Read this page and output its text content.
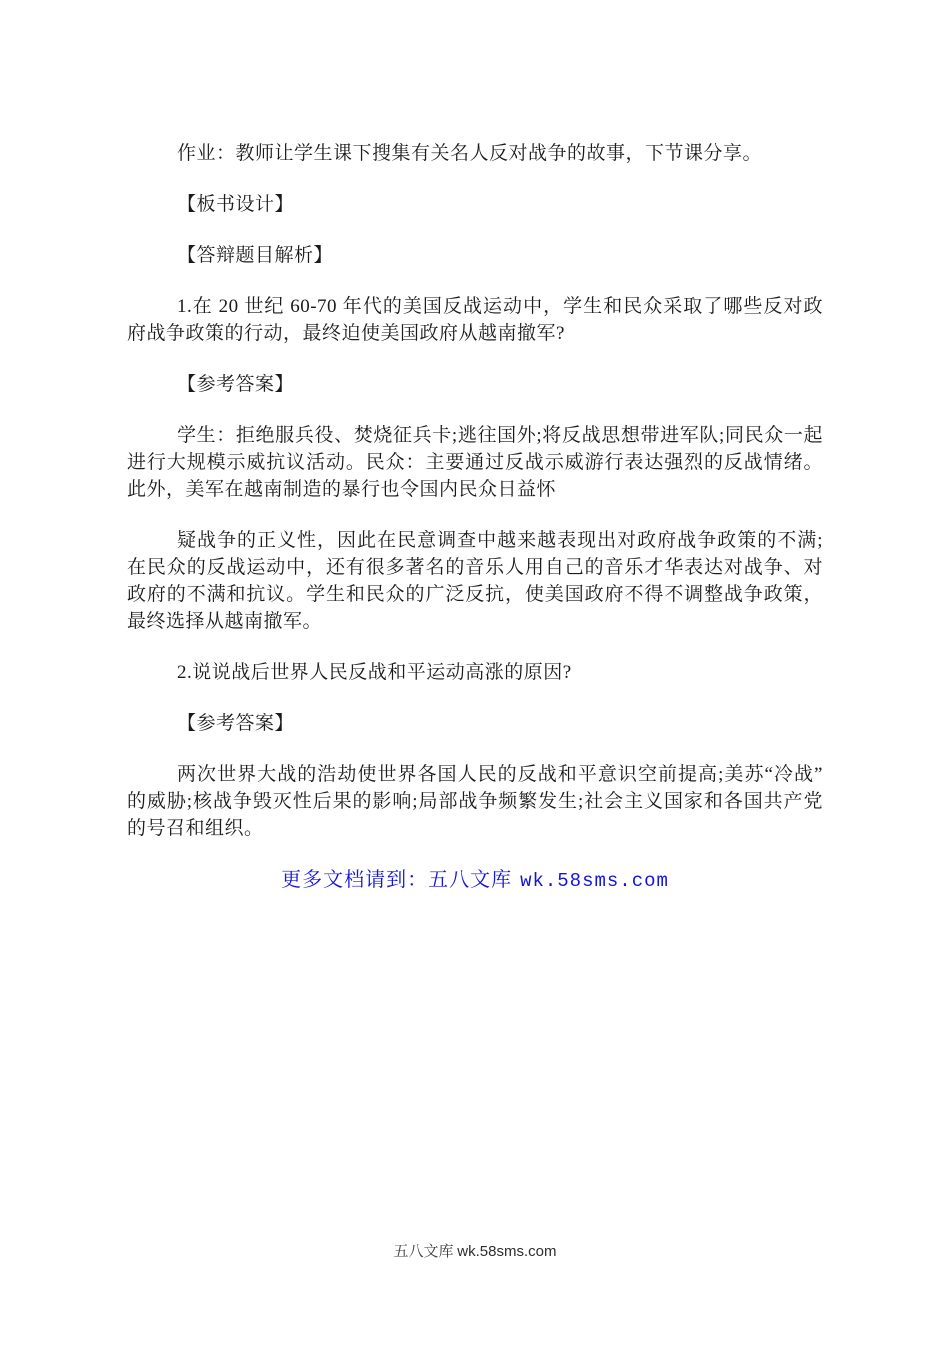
作业：教师让学生课下搜集有关名人反对战争的故事，下节课分享。

【板书设计】

【答辩题目解析】

1.在 20 世纪 60-70 年代的美国反战运动中，学生和民众采取了哪些反对政府战争政策的行动，最终迫使美国政府从越南撤军?

【参考答案】

学生：拒绝服兵役、焚烧征兵卡;逃往国外;将反战思想带进军队;同民众一起进行大规模示威抗议活动。民众：主要通过反战示威游行表达强烈的反战情绪。此外，美军在越南制造的暴行也令国内民众日益怀

疑战争的正义性，因此在民意调查中越来越表现出对政府战争政策的不满;在民众的反战运动中，还有很多著名的音乐人用自己的音乐才华表达对战争、对政府的不满和抗议。学生和民众的广泛反抗，使美国政府不得不调整战争政策，最终选择从越南撤军。

2.说说战后世界人民反战和平运动高涨的原因?

【参考答案】

两次世界大战的浩劫使世界各国人民的反战和平意识空前提高;美苏“冷战”的威胁;核战争毁灭性后果的影响;局部战争频繁发生;社会主义国家和各国共产党的号召和组织。

更多文档请到：五八文库 wk.58sms.com
五八文库 wk.58sms.com
